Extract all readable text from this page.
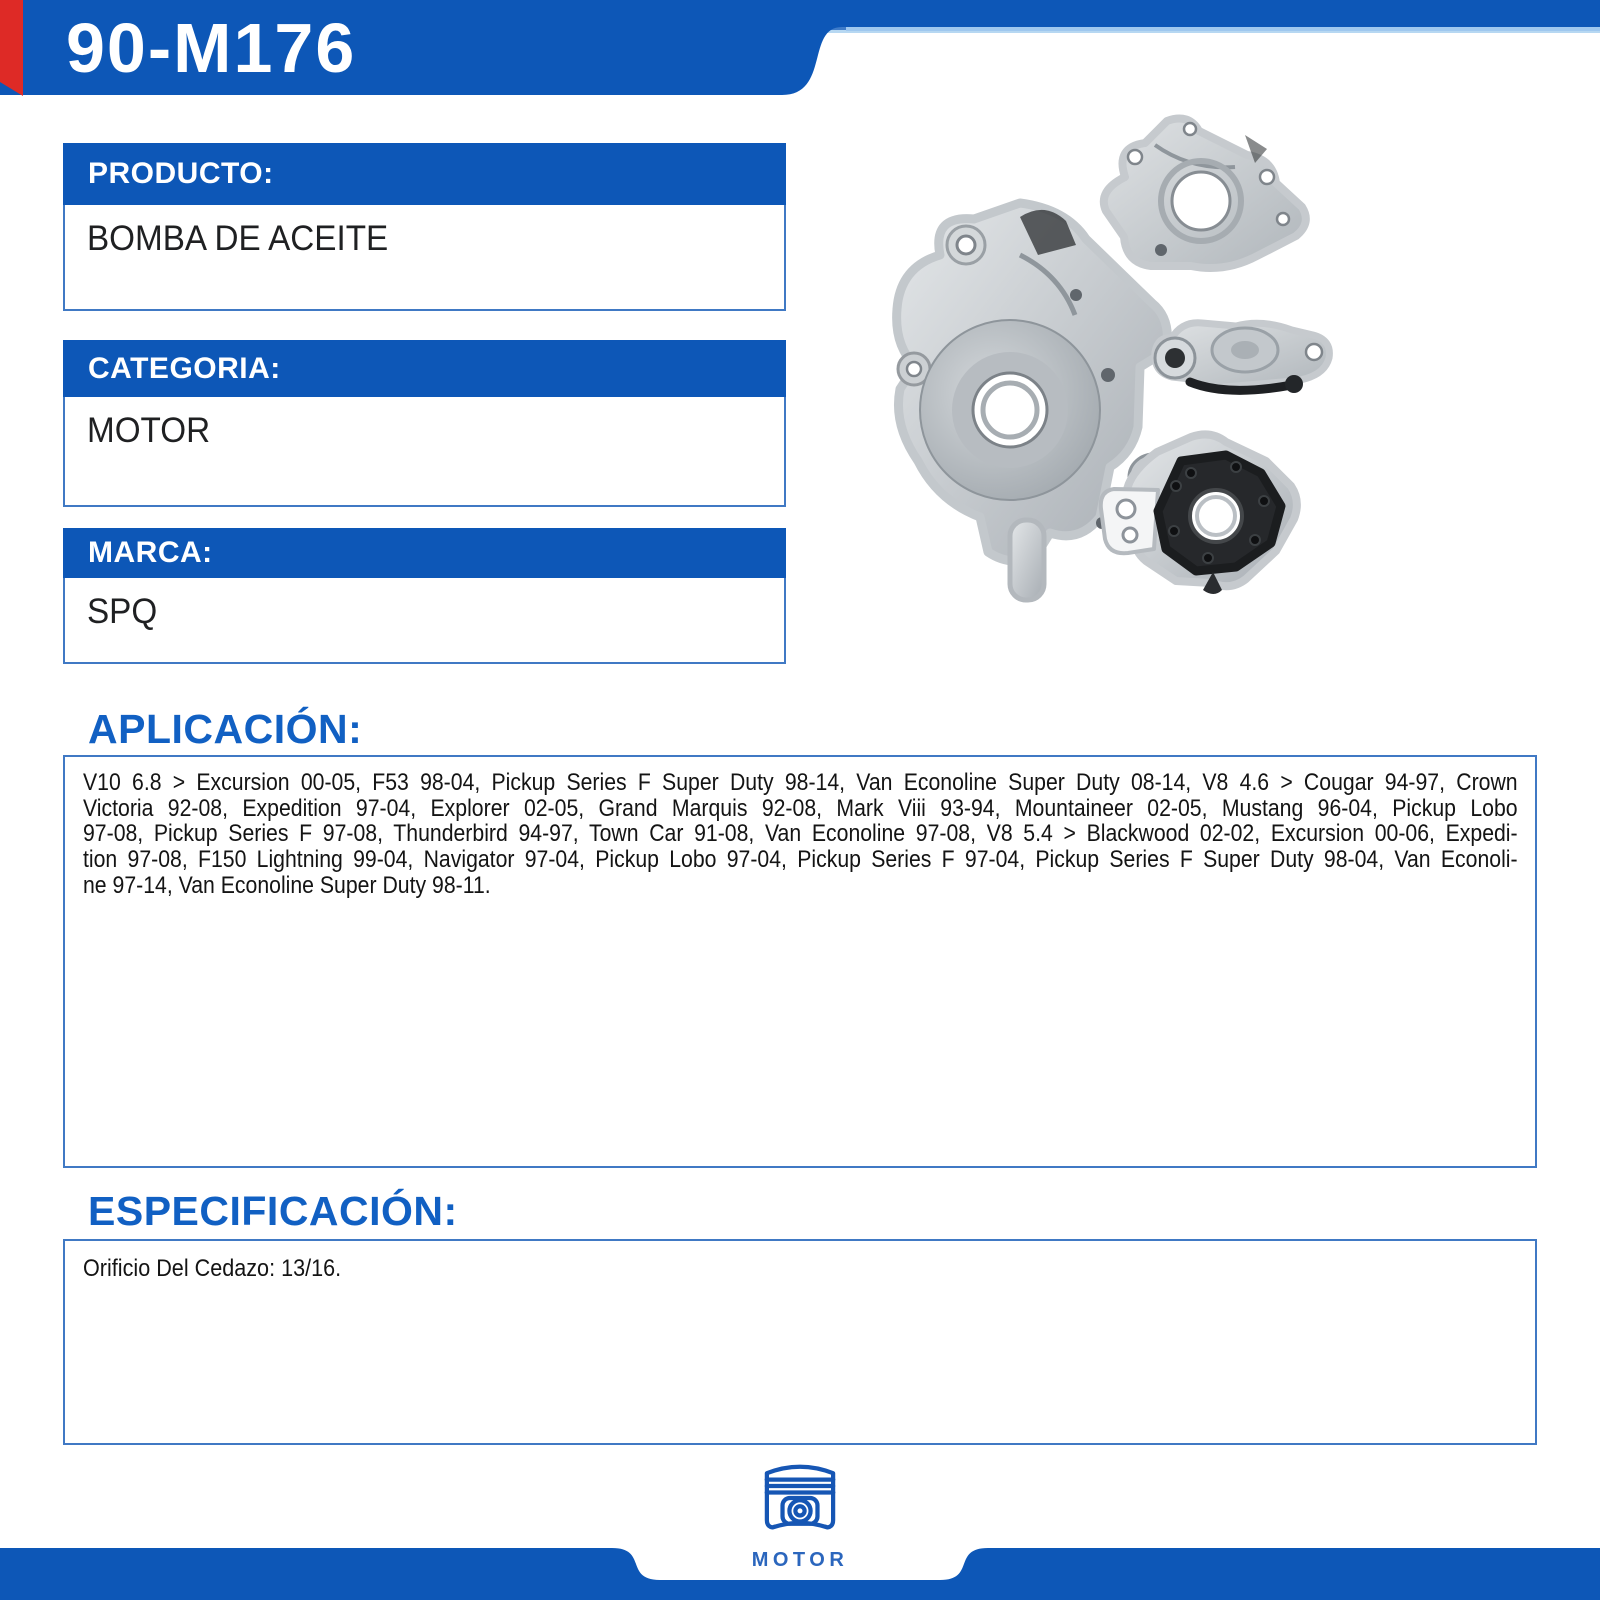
90-M176
PRODUCTO:
BOMBA DE ACEITE
CATEGORIA:
MOTOR
MARCA:
SPQ
APLICACIÓN:
V10 6.8 > Excursion 00-05, F53 98-04, Pickup Series F Super Duty 98-14, Van Econoline Super Duty 08-14, V8 4.6 > Cougar 94-97, Crown
Victoria 92-08, Expedition 97-04, Explorer 02-05, Grand Marquis 92-08, Mark Viii 93-94, Mountaineer 02-05, Mustang 96-04, Pickup Lobo
97-08, Pickup Series F 97-08, Thunderbird 94-97, Town Car 91-08, Van Econoline 97-08, V8 5.4 > Blackwood 02-02, Excursion 00-06, Expedi-
tion 97-08, F150 Lightning 99-04, Navigator 97-04, Pickup Lobo 97-04, Pickup Series F 97-04, Pickup Series F Super Duty 98-04, Van Econoli-
ne 97-14, Van Econoline Super Duty 98-11.
ESPECIFICACIÓN:
Orificio Del Cedazo: 13/16.
MOTOR
